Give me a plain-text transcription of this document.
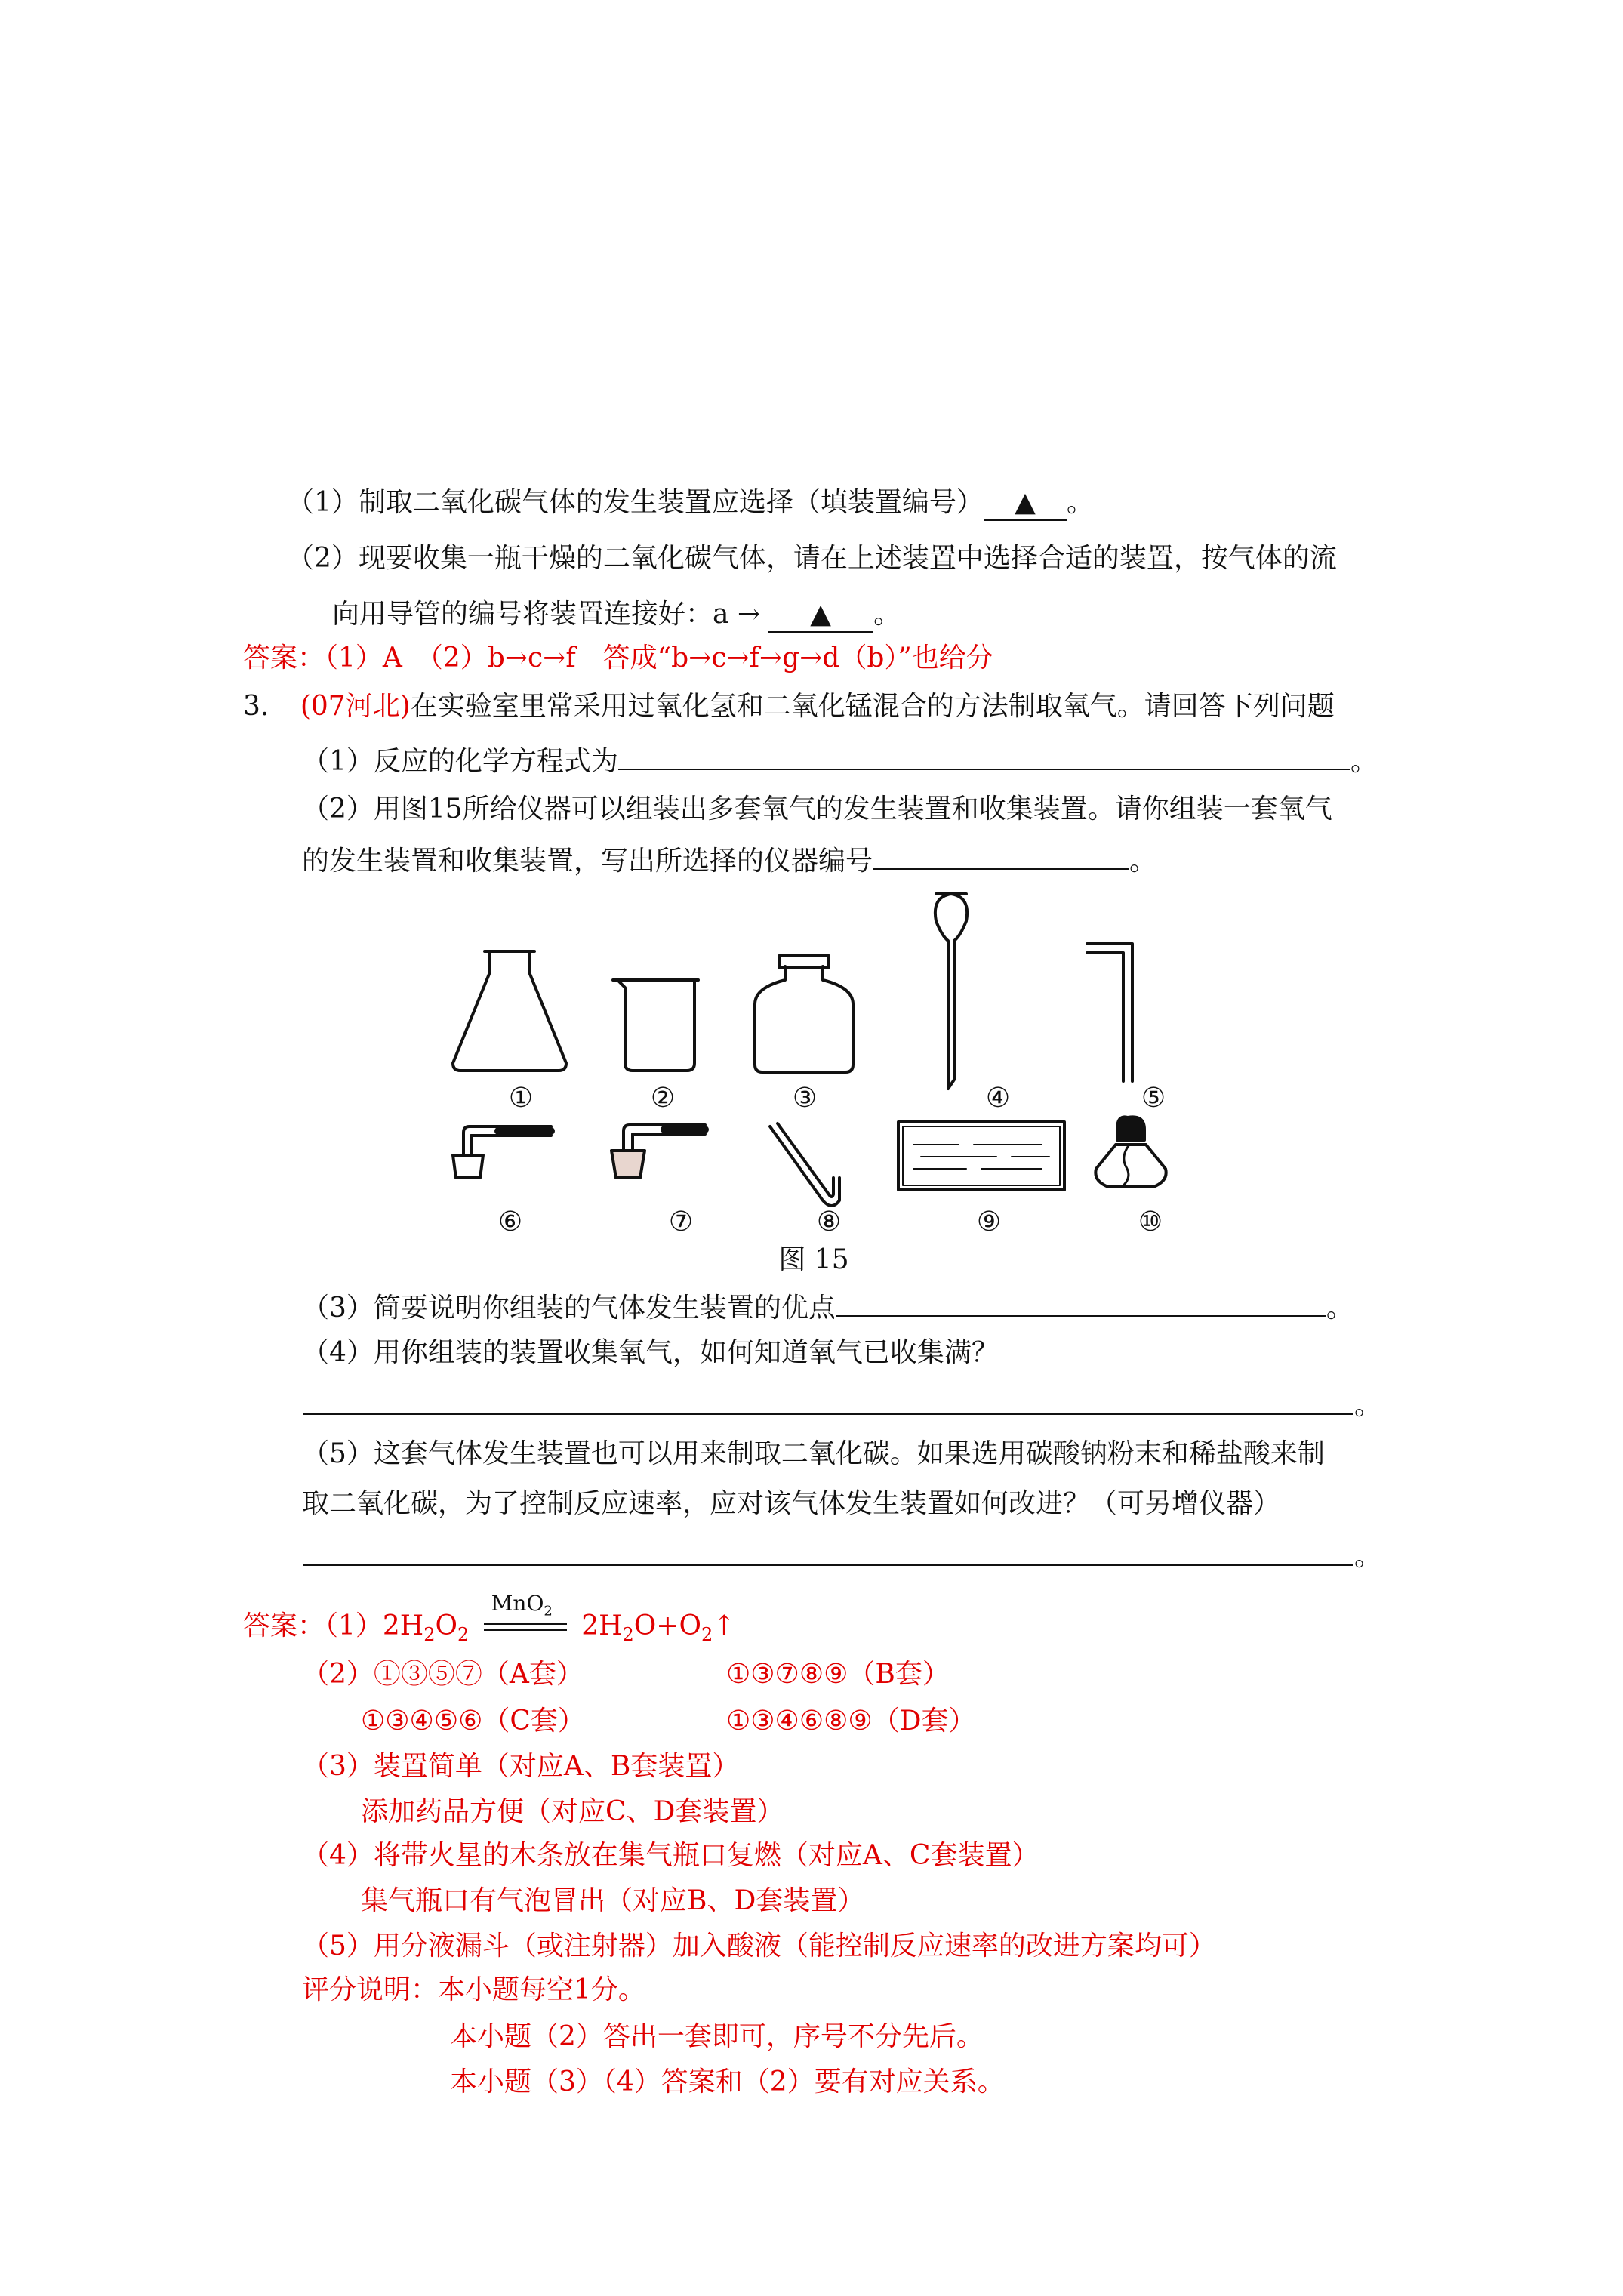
（1）制取二氧化碳气体的发生装置应选择（填装置编号） ▲ 。
（2）现要收集一瓶干燥的二氧化碳气体，请在上述装置中选择合适的装置，按气体的流
向用导管的编号将装置连接好：a → ▲ 。
答案：（1）A　（2）b→c→f　答成“b→c→f→g→d（b）”也给分
3. (07河北)在实验室里常采用过氧化氢和二氧化锰混合的方法制取氧气。请回答下列问题
（1）反应的化学方程式为	。
（2）用图15所给仪器可以组装出多套氧气的发生装置和收集装置。请你组装一套氧气
的发生装置和收集装置，写出所选择的仪器编号	。
①	②	③	④	⑤
⑥	⑦	⑧	⑨	⑩
图 15
（3）简要说明你组装的气体发生装置的优点	。
（4）用你组装的装置收集氧气，如何知道氧气已收集满？
。
（5）这套气体发生装置也可以用来制取二氧化碳。如果选用碳酸钠粉末和稀盐酸来制
取二氧化碳，为了控制反应速率，应对该气体发生装置如何改进？（可另增仪器）
。
答案：$(1)2H_2O_2$
MnO$_2$ $2H_2O+O_2↑$
（2）①③⑤⑦（A套）	①③⑦⑧⑨（B套）
①③④⑤⑥（C套）	①③④⑥⑧⑨（D套）
（3）装置简单（对应A、B套装置）
添加药品方便（对应C、D套装置）
（4）将带火星的木条放在集气瓶口复燃（对应A、C套装置）
集气瓶口有气泡冒出（对应B、D套装置）
（5）用分液漏斗（或注射器）加入酸液（能控制反应速率的改进方案均可）
评分说明：本小题每空1分。
本小题（2）答出一套即可，序号不分先后。
本小题（3）（4）答案和（2）要有对应关系。
